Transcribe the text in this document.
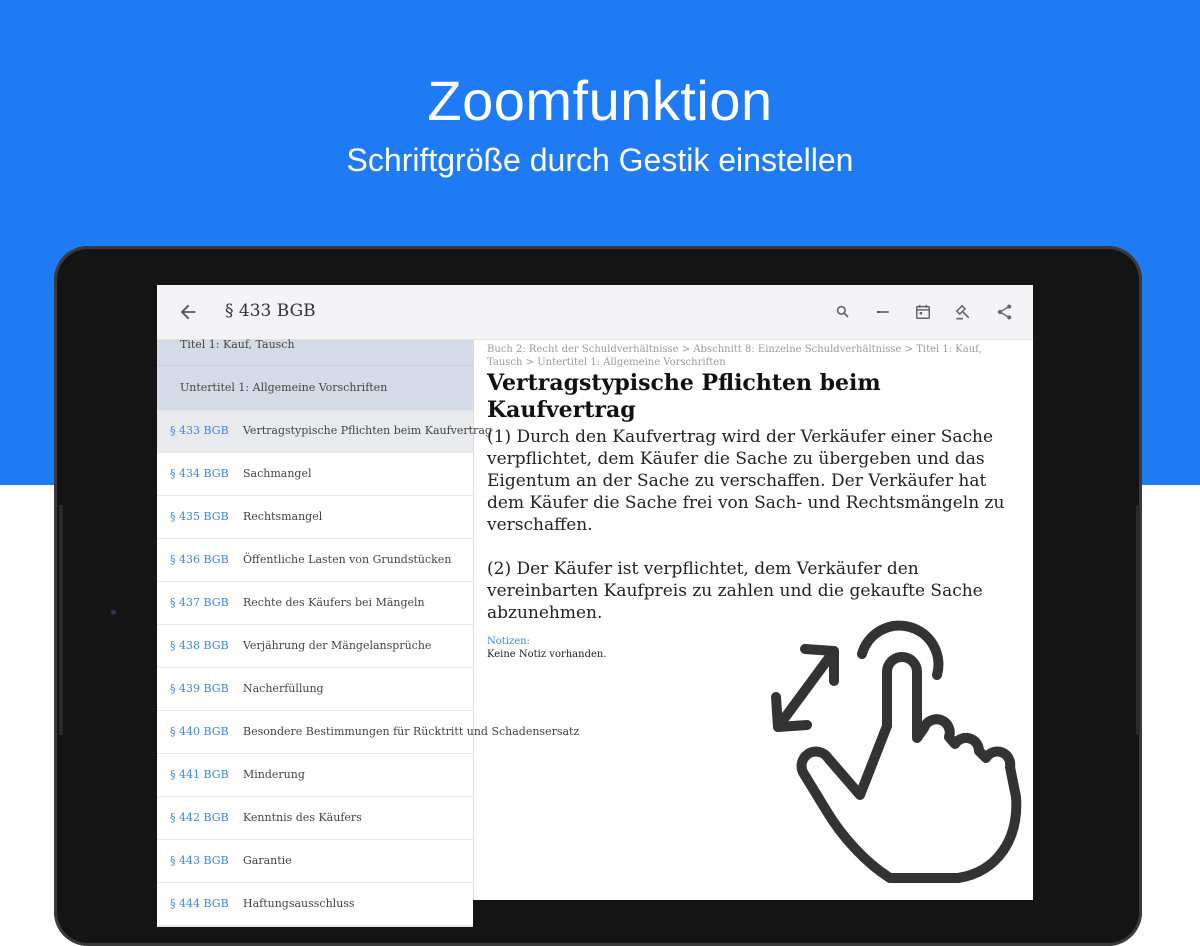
Zoomfunktion
Schriftgröße durch Gestik einstellen
§ 433 BGB
Titel 1: Kauf, Tausch
Untertitel 1: Allgemeine Vorschriften
§ 433 BGB Vertragstypische Pflichten beim Kaufvertrag
§ 434 BGB Sachmangel
§ 435 BGB Rechtsmangel
§ 436 BGB Öffentliche Lasten von Grundstücken
§ 437 BGB Rechte des Käufers bei Mängeln
§ 438 BGB Verjährung der Mängelansprüche
§ 439 BGB Nacherfüllung
§ 440 BGB Besondere Bestimmungen für Rücktritt und Schadensersatz
§ 441 BGB Minderung
§ 442 BGB Kenntnis des Käufers
§ 443 BGB Garantie
§ 444 BGB Haftungsausschluss
Buch 2: Recht der Schuldverhältnisse > Abschnitt 8: Einzelne Schuldverhältnisse > Titel 1: Kauf, Tausch > Untertitel 1: Allgemeine Vorschriften
Vertragstypische Pflichten beim Kaufvertrag
(1) Durch den Kaufvertrag wird der Verkäufer einer Sache verpflichtet, dem Käufer die Sache zu übergeben und das Eigentum an der Sache zu verschaffen. Der Verkäufer hat dem Käufer die Sache frei von Sach- und Rechtsmängeln zu verschaffen.
(2) Der Käufer ist verpflichtet, dem Verkäufer den vereinbarten Kaufpreis zu zahlen und die gekaufte Sache abzunehmen.
Notizen:
Keine Notiz vorhanden.
